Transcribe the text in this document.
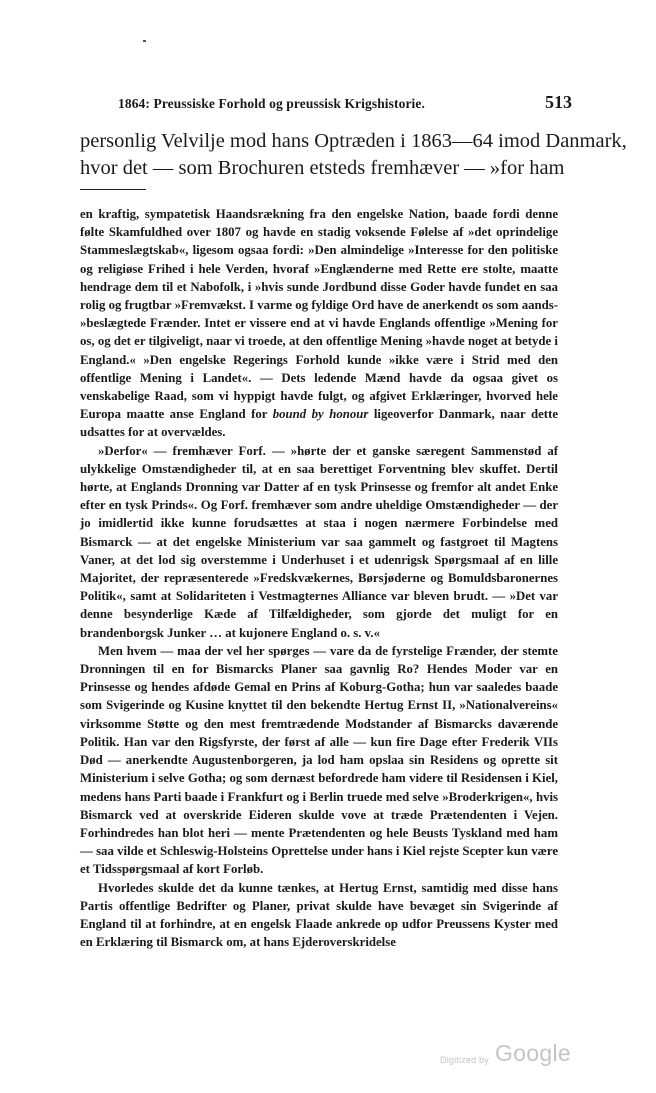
1864: Preussiske Forhold og preussisk Krigshistorie.	513
personlig Velvilje mod hans Optræden i 1863—64 imod Danmark,
hvor det — som Brochuren etsteds fremhæver — »for ham

en kraftig, sympatetisk Haandsrækning fra den engelske Nation, baade fordi denne følte Skamfuldhed over 1807 og havde en stadig voksende Følelse af »det oprindelige Stammeslægtskab«, ligesom ogsaa fordi: »Den almindelige »Interesse for den politiske og religiøse Frihed i hele Verden, hvoraf »Englænderne med Rette ere stolte, maatte hendrage dem til et Nabofolk, i »hvis sunde Jordbund disse Goder havde fundet en saa rolig og frugtbar »Fremvækst. I varme og fyldige Ord have de anerkendt os som aands- »beslægtede Frænder. Intet er vissere end at vi havde Englands offentlige »Mening for os, og det er tilgiveligt, naar vi troede, at den offentlige Mening »havde noget at betyde i England.« »Den engelske Regerings Forhold kunde »ikke være i Strid med den offentlige Mening i Landet«. — Dets ledende Mænd havde da ogsaa givet os venskabelige Raad, som vi hyppigt havde fulgt, og afgivet Erklæringer, hvorved hele Europa maatte anse England for bound by honour ligeoverfor Danmark, naar dette udsattes for at overvældes.

»Derfor« — fremhæver Forf. — »hørte der et ganske særegent Sammenstød af ulykkelige Omstændigheder til, at en saa berettiget Forventning blev skuffet. Dertil hørte, at Englands Dronning var Datter af en tysk Prinsesse og fremfor alt andet Enke efter en tysk Prinds«. Og Forf. fremhæver som andre uheldige Omstændigheder — der jo imidlertid ikke kunne forudsættes at staa i nogen nærmere Forbindelse med Bismarck — at det engelske Ministerium var saa gammelt og fastgroet til Magtens Vaner, at det lod sig overstemme i Underhuset i et udenrigsk Spørgsmaal af en lille Majoritet, der repræsenterede »Fredskvækernes, Børsjøderne og Bomuldsbaronernes Politik«, samt at Solidariteten i Vestmagternes Alliance var bleven brudt. — »Det var denne besynderlige Kæde af Tilfældigheder, som gjorde det muligt for en brandenborgsk Junker … at kujonere England o. s. v.«

Men hvem — maa der vel her spørges — vare da de fyrstelige Frænder, der stemte Dronningen til en for Bismarcks Planer saa gavnlig Ro? Hendes Moder var en Prinsesse og hendes afdøde Gemal en Prins af Koburg-Gotha; hun var saaledes baade som Svigerinde og Kusine knyttet til den bekendte Hertug Ernst II, »Nationalvereins« virksomme Støtte og den mest fremtrædende Modstander af Bismarcks daværende Politik. Han var den Rigsfyrste, der først af alle — kun fire Dage efter Frederik VIIs Død — anerkendte Augustenborgeren, ja lod ham opslaa sin Residens og oprette sit Ministerium i selve Gotha; og som dernæst befordrede ham videre til Residensen i Kiel, medens hans Parti baade i Frankfurt og i Berlin truede med selve »Broderkrigen«, hvis Bismarck ved at overskride Eideren skulde vove at træde Prætendenten i Vejen. Forhindredes han blot heri — mente Prætendenten og hele Beusts Tyskland med ham — saa vilde et Schleswig-Holsteins Oprettelse under hans i Kiel rejste Scepter kun være et Tidsspørgsmaal af kort Forløb.

Hvorledes skulde det da kunne tænkes, at Hertug Ernst, samtidig med disse hans Partis offentlige Bedrifter og Planer, privat skulde have bevæget sin Svigerinde af England til at forhindre, at en engelsk Flaade ankrede op udfor Preussens Kyster med en Erklæring til Bismarck om, at hans Ejderoverskridelse

Digitized by Google
